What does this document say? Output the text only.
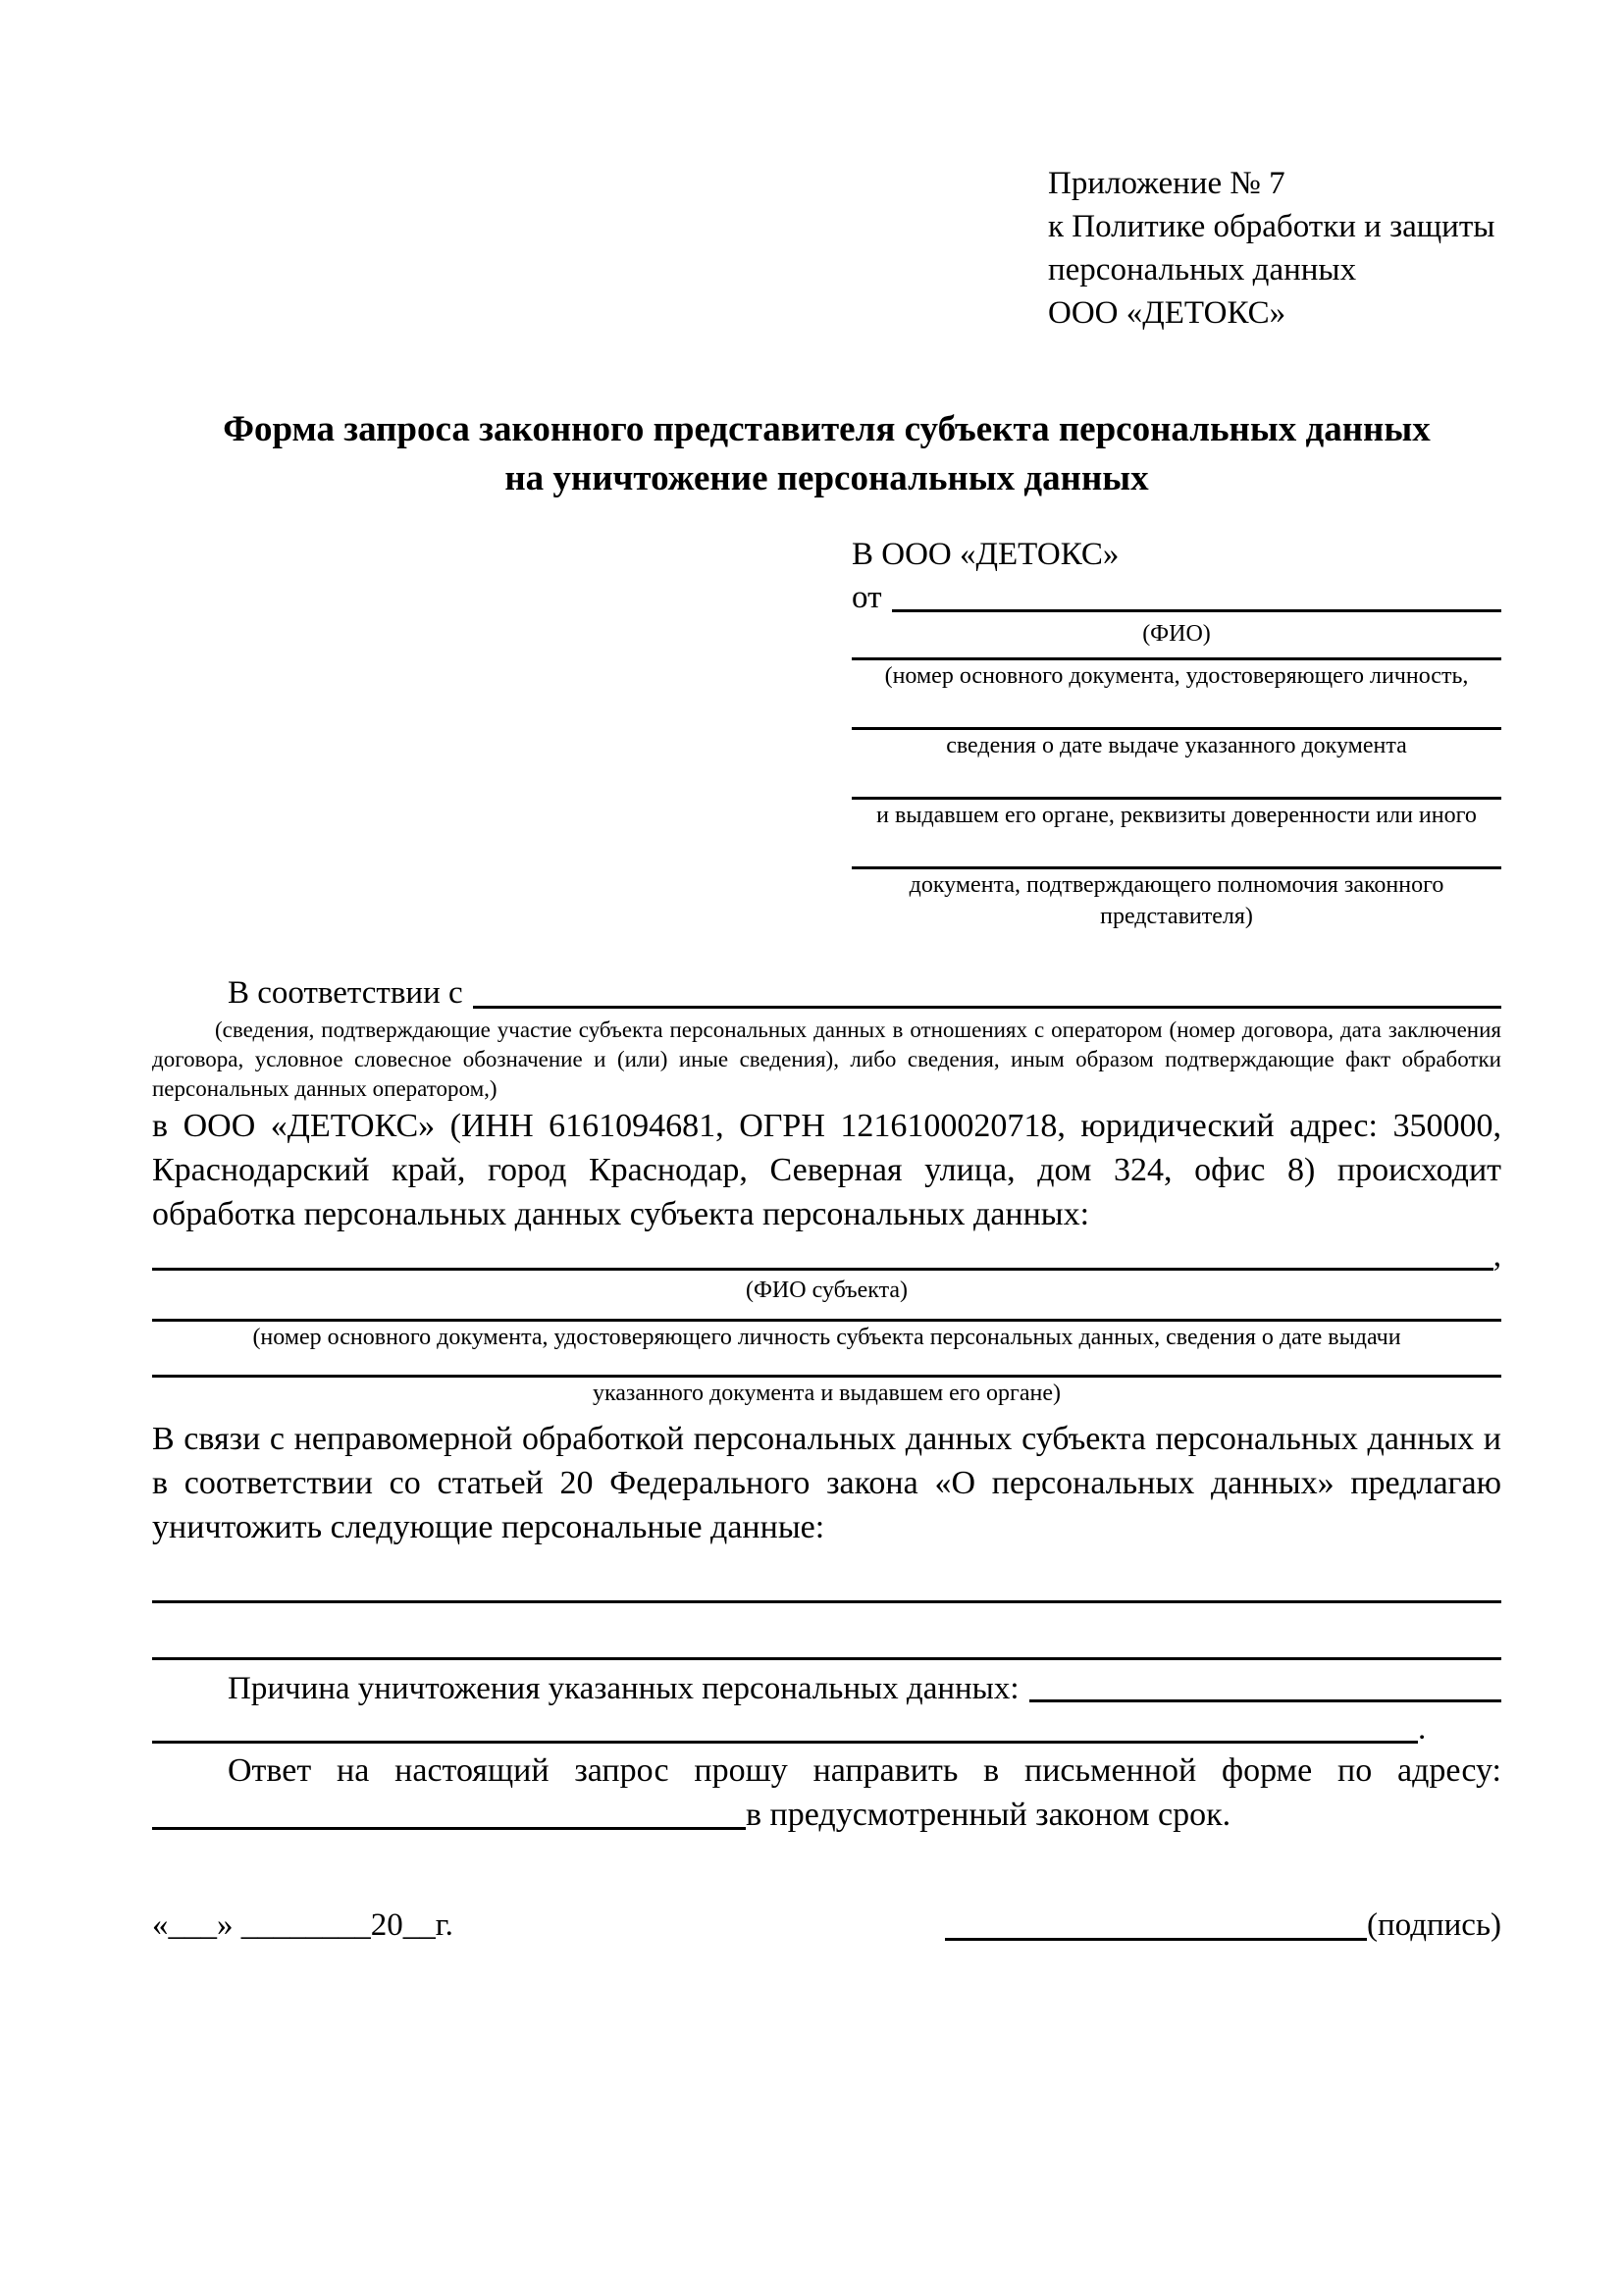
Приложение № 7
к Политике обработки и защиты
персональных данных
ООО «ДЕТОКС»
Форма запроса законного представителя субъекта персональных данных
на уничтожение персональных данных
В ООО «ДЕТОКС»
от
(ФИО)
(номер основного документа, удостоверяющего личность,
сведения о дате выдаче указанного документа
и выдавшем его органе, реквизиты доверенности или иного
документа, подтверждающего полномочия законного представителя)
В соответствии с
(сведения, подтверждающие участие субъекта персональных данных в отношениях с оператором (номер договора, дата заключения договора, условное словесное обозначение и (или) иные сведения), либо сведения, иным образом подтверждающие факт обработки персональных данных оператором,)
в ООО «ДЕТОКС» (ИНН 6161094681, ОГРН 1216100020718, юридический адрес: 350000, Краснодарский край, город Краснодар, Северная улица, дом 324, офис 8) происходит обработка персональных данных субъекта персональных данных:
,
(ФИО субъекта)
(номер основного документа, удостоверяющего личность субъекта персональных данных, сведения о дате выдачи
указанного документа и выдавшем его органе)
В связи с неправомерной обработкой персональных данных субъекта персональных данных и в соответствии со статьей 20 Федерального закона «О персональных данных» предлагаю уничтожить следующие персональные данные:
Причина уничтожения указанных персональных данных:
.
Ответ на настоящий запрос прошу направить в письменной форме по адресу:
в предусмотренный законом срок.
«___» ________20__г.	(подпись)
